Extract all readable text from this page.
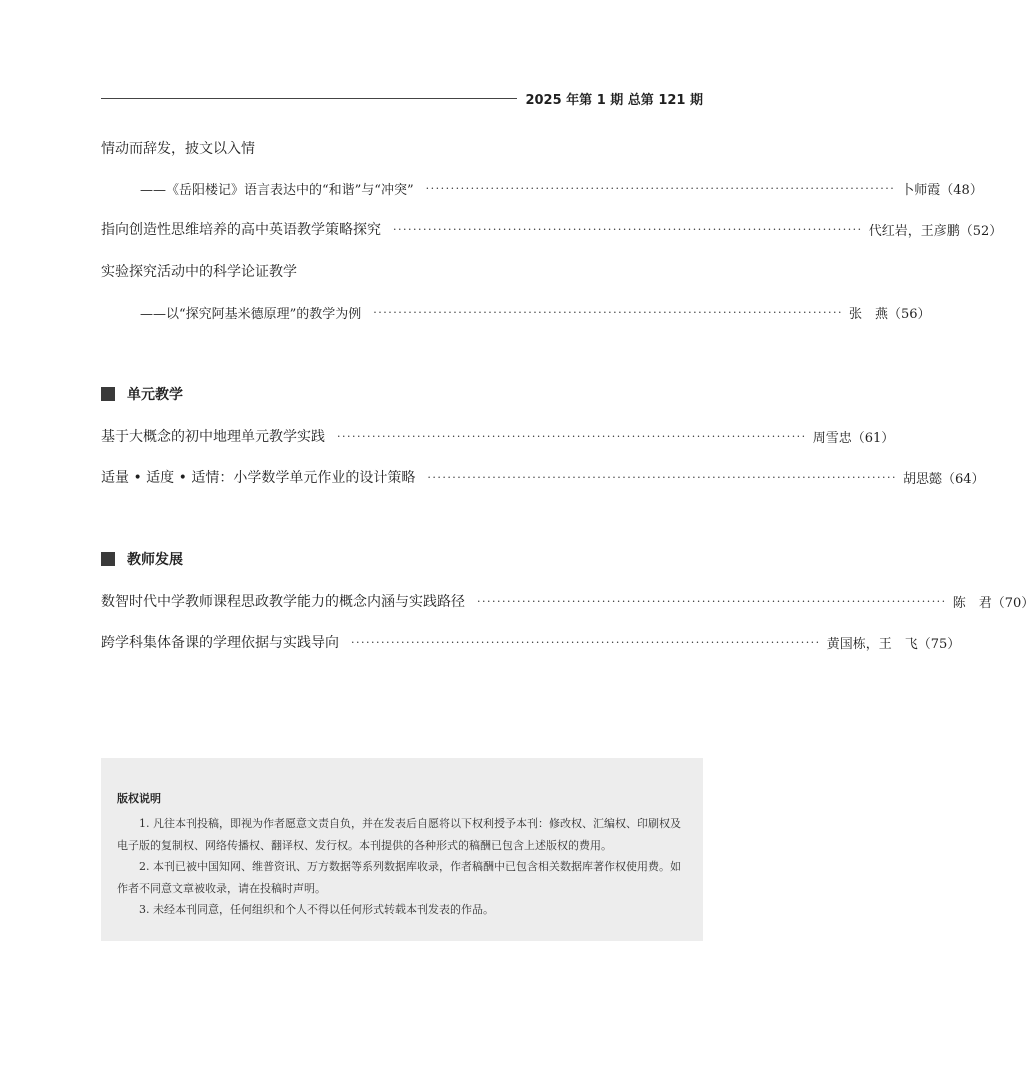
2025 年第 1 期 总第 121 期
情动而辞发，披文以入情
——《岳阳楼记》语言表达中的“和谐”与“冲突” ······························································································ 卜师霞（48）
指向创造性思维培养的高中英语教学策略探究 ······························································································ 代红岩，王彦鹏（52）
实验探究活动中的科学论证教学
——以“探究阿基米德原理”的教学为例 ······························································································ 张　燕（56）
单元教学
基于大概念的初中地理单元教学实践 ······························································································ 周雪忠（61）
适量 • 适度 • 适情：小学数学单元作业的设计策略 ······························································································ 胡思懿（64）
教师发展
数智时代中学教师课程思政教学能力的概念内涵与实践路径 ······························································································ 陈　君（70）
跨学科集体备课的学理依据与实践导向 ······························································································ 黄国栋，王　飞（75）
版权说明

1. 凡往本刊投稿，即视为作者愿意文责自负，并在发表后自愿将以下权利授予本刊：修改权、汇编权、印刷权及电子版的复制权、网络传播权、翻译权、发行权。本刊提供的各种形式的稿酬已包含上述版权的费用。

2. 本刊已被中国知网、维普资讯、万方数据等系列数据库收录，作者稿酬中已包含相关数据库著作权使用费。如作者不同意文章被收录，请在投稿时声明。

3. 未经本刊同意，任何组织和个人不得以任何形式转载本刊发表的作品。
